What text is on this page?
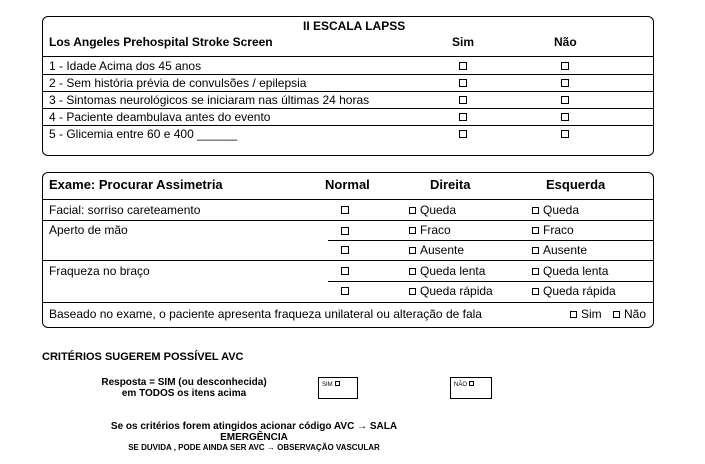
II ESCALA LAPSS
Los Angeles Prehospital Stroke Screen	Sim	Não
1 - Idade Acima dos 45 anos
2 - Sem história prévia de convulsões / epilepsia
3 - Sintomas neurológicos se iniciaram nas últimas 24 horas
4 - Paciente deambulava antes do evento
5 - Glicemia entre 60 e 400 ______
Exame: Procurar Assimetria	Normal	Direita	Esquerda
Facial: sorriso careteamento	Queda	Queda
Aperto de mão	Fraco	Fraco
Ausente	Ausente
Fraqueza no braço	Queda lenta	Queda lenta
Queda rápida	Queda rápida
Baseado no exame, o paciente apresenta fraqueza unilateral ou alteração de fala	Sim	Não
CRITÉRIOS SUGEREM POSSÍVEL AVC
Resposta = SIM (ou desconhecida)
em TODOS os itens acima
SIM	NÃO
Se os critérios forem atingidos acionar código AVC → SALA
EMERGÊNCIA
SE DUVIDA , PODE AINDA SER AVC → OBSERVAÇÃO VASCULAR
